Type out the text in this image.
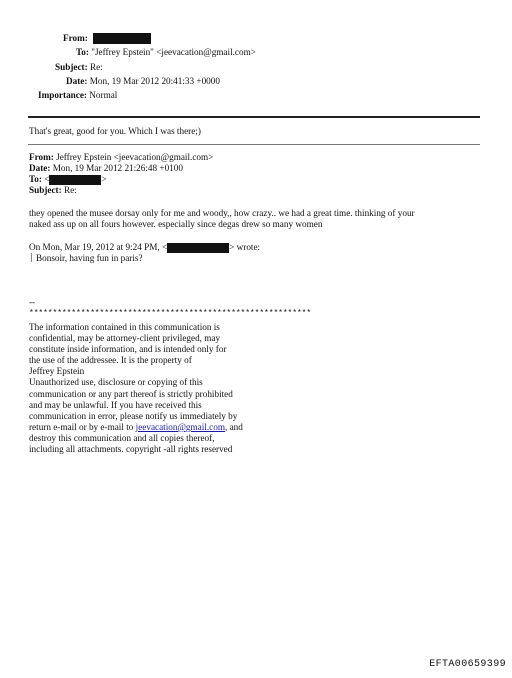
From:
To: "Jeffrey Epstein" <jeevacation@gmail.com>
Subject: Re:
Date: Mon, 19 Mar 2012 20:41:33 +0000
Importance: Normal
That's great, good for you. Which I was there;)
From: Jeffrey Epstein <jeevacation@gmail.com>
Date: Mon, 19 Mar 2012 21:26:48 +0100
To: <	>
Subject: Re:
they opened the musee dorsay only for me and woody,, how crazy.. we had a great time. thinking of your
naked ass up on all fours however. especially since degas drew so many women
On Mon, Mar 19, 2012 at 9:24 PM, <	> wrote:
Bonsoir, having fun in paris?
--
************************************************************
The information contained in this communication is
confidential, may be attorney-client privileged, may
constitute inside information, and is intended only for
the use of the addressee. It is the property of
Jeffrey Epstein
Unauthorized use, disclosure or copying of this
communication or any part thereof is strictly prohibited
and may be unlawful. If you have received this
communication in error, please notify us immediately by
return e-mail or by e-mail to jeevacation@gmail.com, and
destroy this communication and all copies thereof,
including all attachments. copyright -all rights reserved
EFTA00659399
